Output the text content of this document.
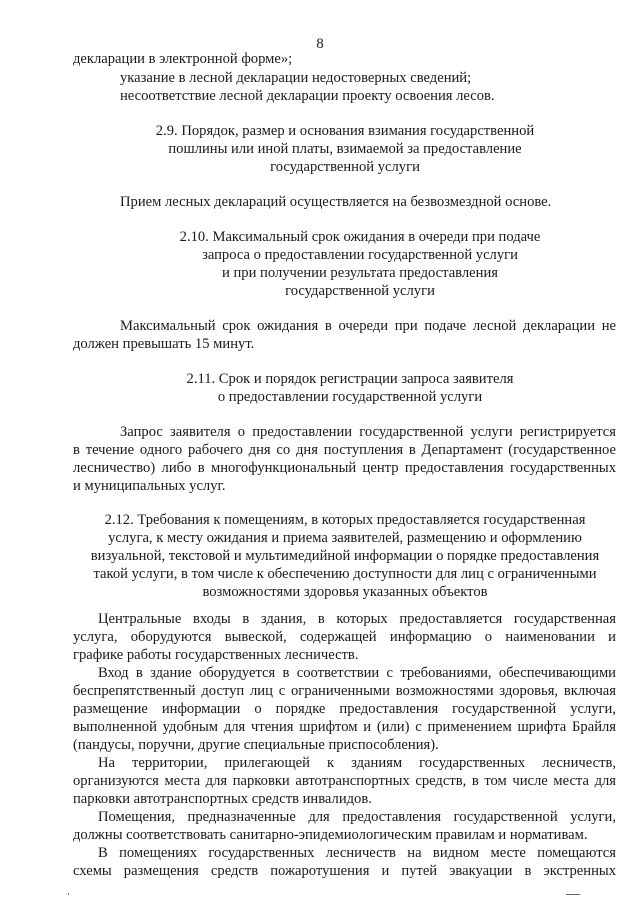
8
декларации в электронной форме»;
указание в лесной декларации недостоверных сведений;
несоответствие лесной декларации проекту освоения лесов.
2.9. Порядок, размер и основания взимания государственной
пошлины или иной платы, взимаемой за предоставление
государственной услуги
Прием лесных деклараций осуществляется на безвозмездной основе.
2.10. Максимальный срок ожидания в очереди при подаче
запроса о предоставлении государственной услуги
и при получении результата предоставления
государственной услуги
Максимальный срок ожидания в очереди при подаче лесной декларации не
должен превышать 15 минут.
2.11. Срок и порядок регистрации запроса заявителя
о предоставлении государственной услуги
Запрос заявителя о предоставлении государственной услуги регистрируется
в течение одного рабочего дня со дня поступления в Департамент (государственное
лесничество) либо в многофункциональный центр предоставления государственных
и муниципальных услуг.
2.12. Требования к помещениям, в которых предоставляется государственная
услуга, к месту ожидания и приема заявителей, размещению и оформлению
визуальной, текстовой и мультимедийной информации о порядке предоставления
такой услуги, в том числе к обеспечению доступности для лиц с ограниченными
возможностями здоровья указанных объектов
Центральные входы в здания, в которых предоставляется государственная
услуга, оборудуются вывеской, содержащей информацию о наименовании и
графике работы государственных лесничеств.
Вход в здание оборудуется в соответствии с требованиями, обеспечивающими
беспрепятственный доступ лиц с ограниченными возможностями здоровья, включая
размещение информации о порядке предоставления государственной услуги,
выполненной удобным для чтения шрифтом и (или) с применением шрифта Брайля
(пандусы, поручни, другие специальные приспособления).
На территории, прилегающей к зданиям государственных лесничеств,
организуются места для парковки автотранспортных средств, в том числе места для
парковки автотранспортных средств инвалидов.
Помещения, предназначенные для предоставления государственной услуги,
должны соответствовать санитарно-эпидемиологическим правилам и нормативам.
В помещениях государственных лесничеств на видном месте помещаются
схемы размещения средств пожаротушения и путей эвакуации в экстренных
